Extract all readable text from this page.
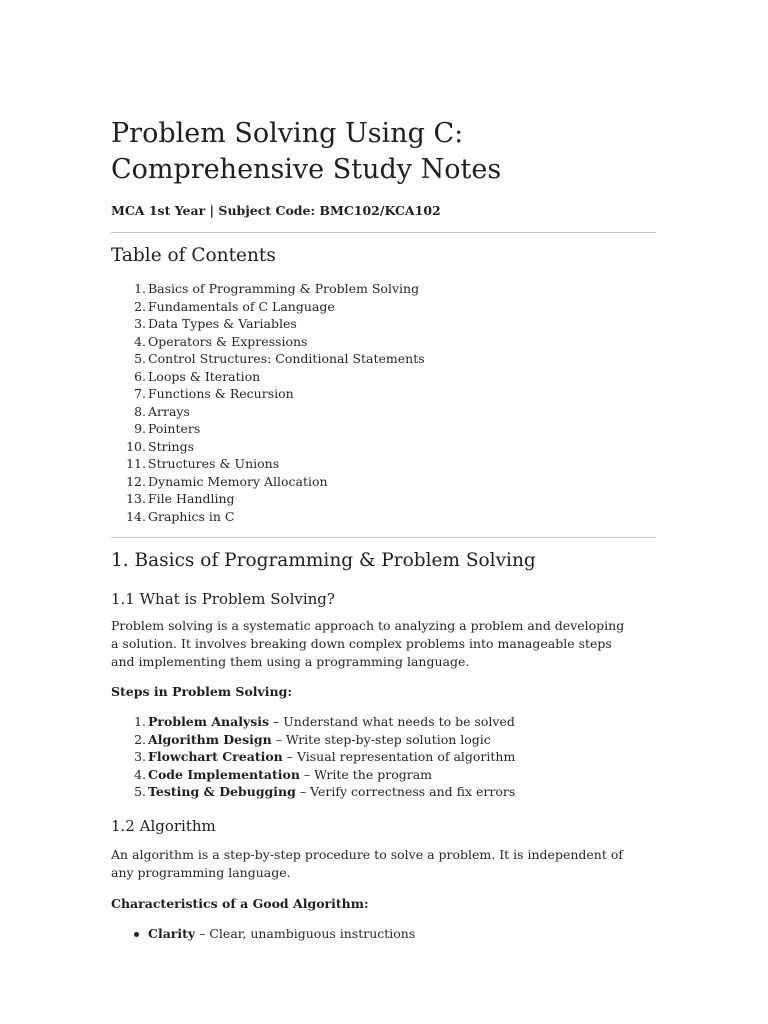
Problem Solving Using C: Comprehensive Study Notes

MCA 1st Year | Subject Code: BMC102/KCA102

Table of Contents
1. Basics of Programming & Problem Solving
2. Fundamentals of C Language
3. Data Types & Variables
4. Operators & Expressions
5. Control Structures: Conditional Statements
6. Loops & Iteration
7. Functions & Recursion
8. Arrays
9. Pointers
10. Strings
11. Structures & Unions
12. Dynamic Memory Allocation
13. File Handling
14. Graphics in C
1. Basics of Programming & Problem Solving
1.1 What is Problem Solving?

Problem solving is a systematic approach to analyzing a problem and developing a solution. It involves breaking down complex problems into manageable steps and implementing them using a programming language.

Steps in Problem Solving:

1. Problem Analysis – Understand what needs to be solved
2. Algorithm Design – Write step-by-step solution logic
3. Flowchart Creation – Visual representation of algorithm
4. Code Implementation – Write the program
5. Testing & Debugging – Verify correctness and fix errors
1.2 Algorithm

An algorithm is a step-by-step procedure to solve a problem. It is independent of any programming language.

Characteristics of a Good Algorithm:

Clarity – Clear, unambiguous instructions
